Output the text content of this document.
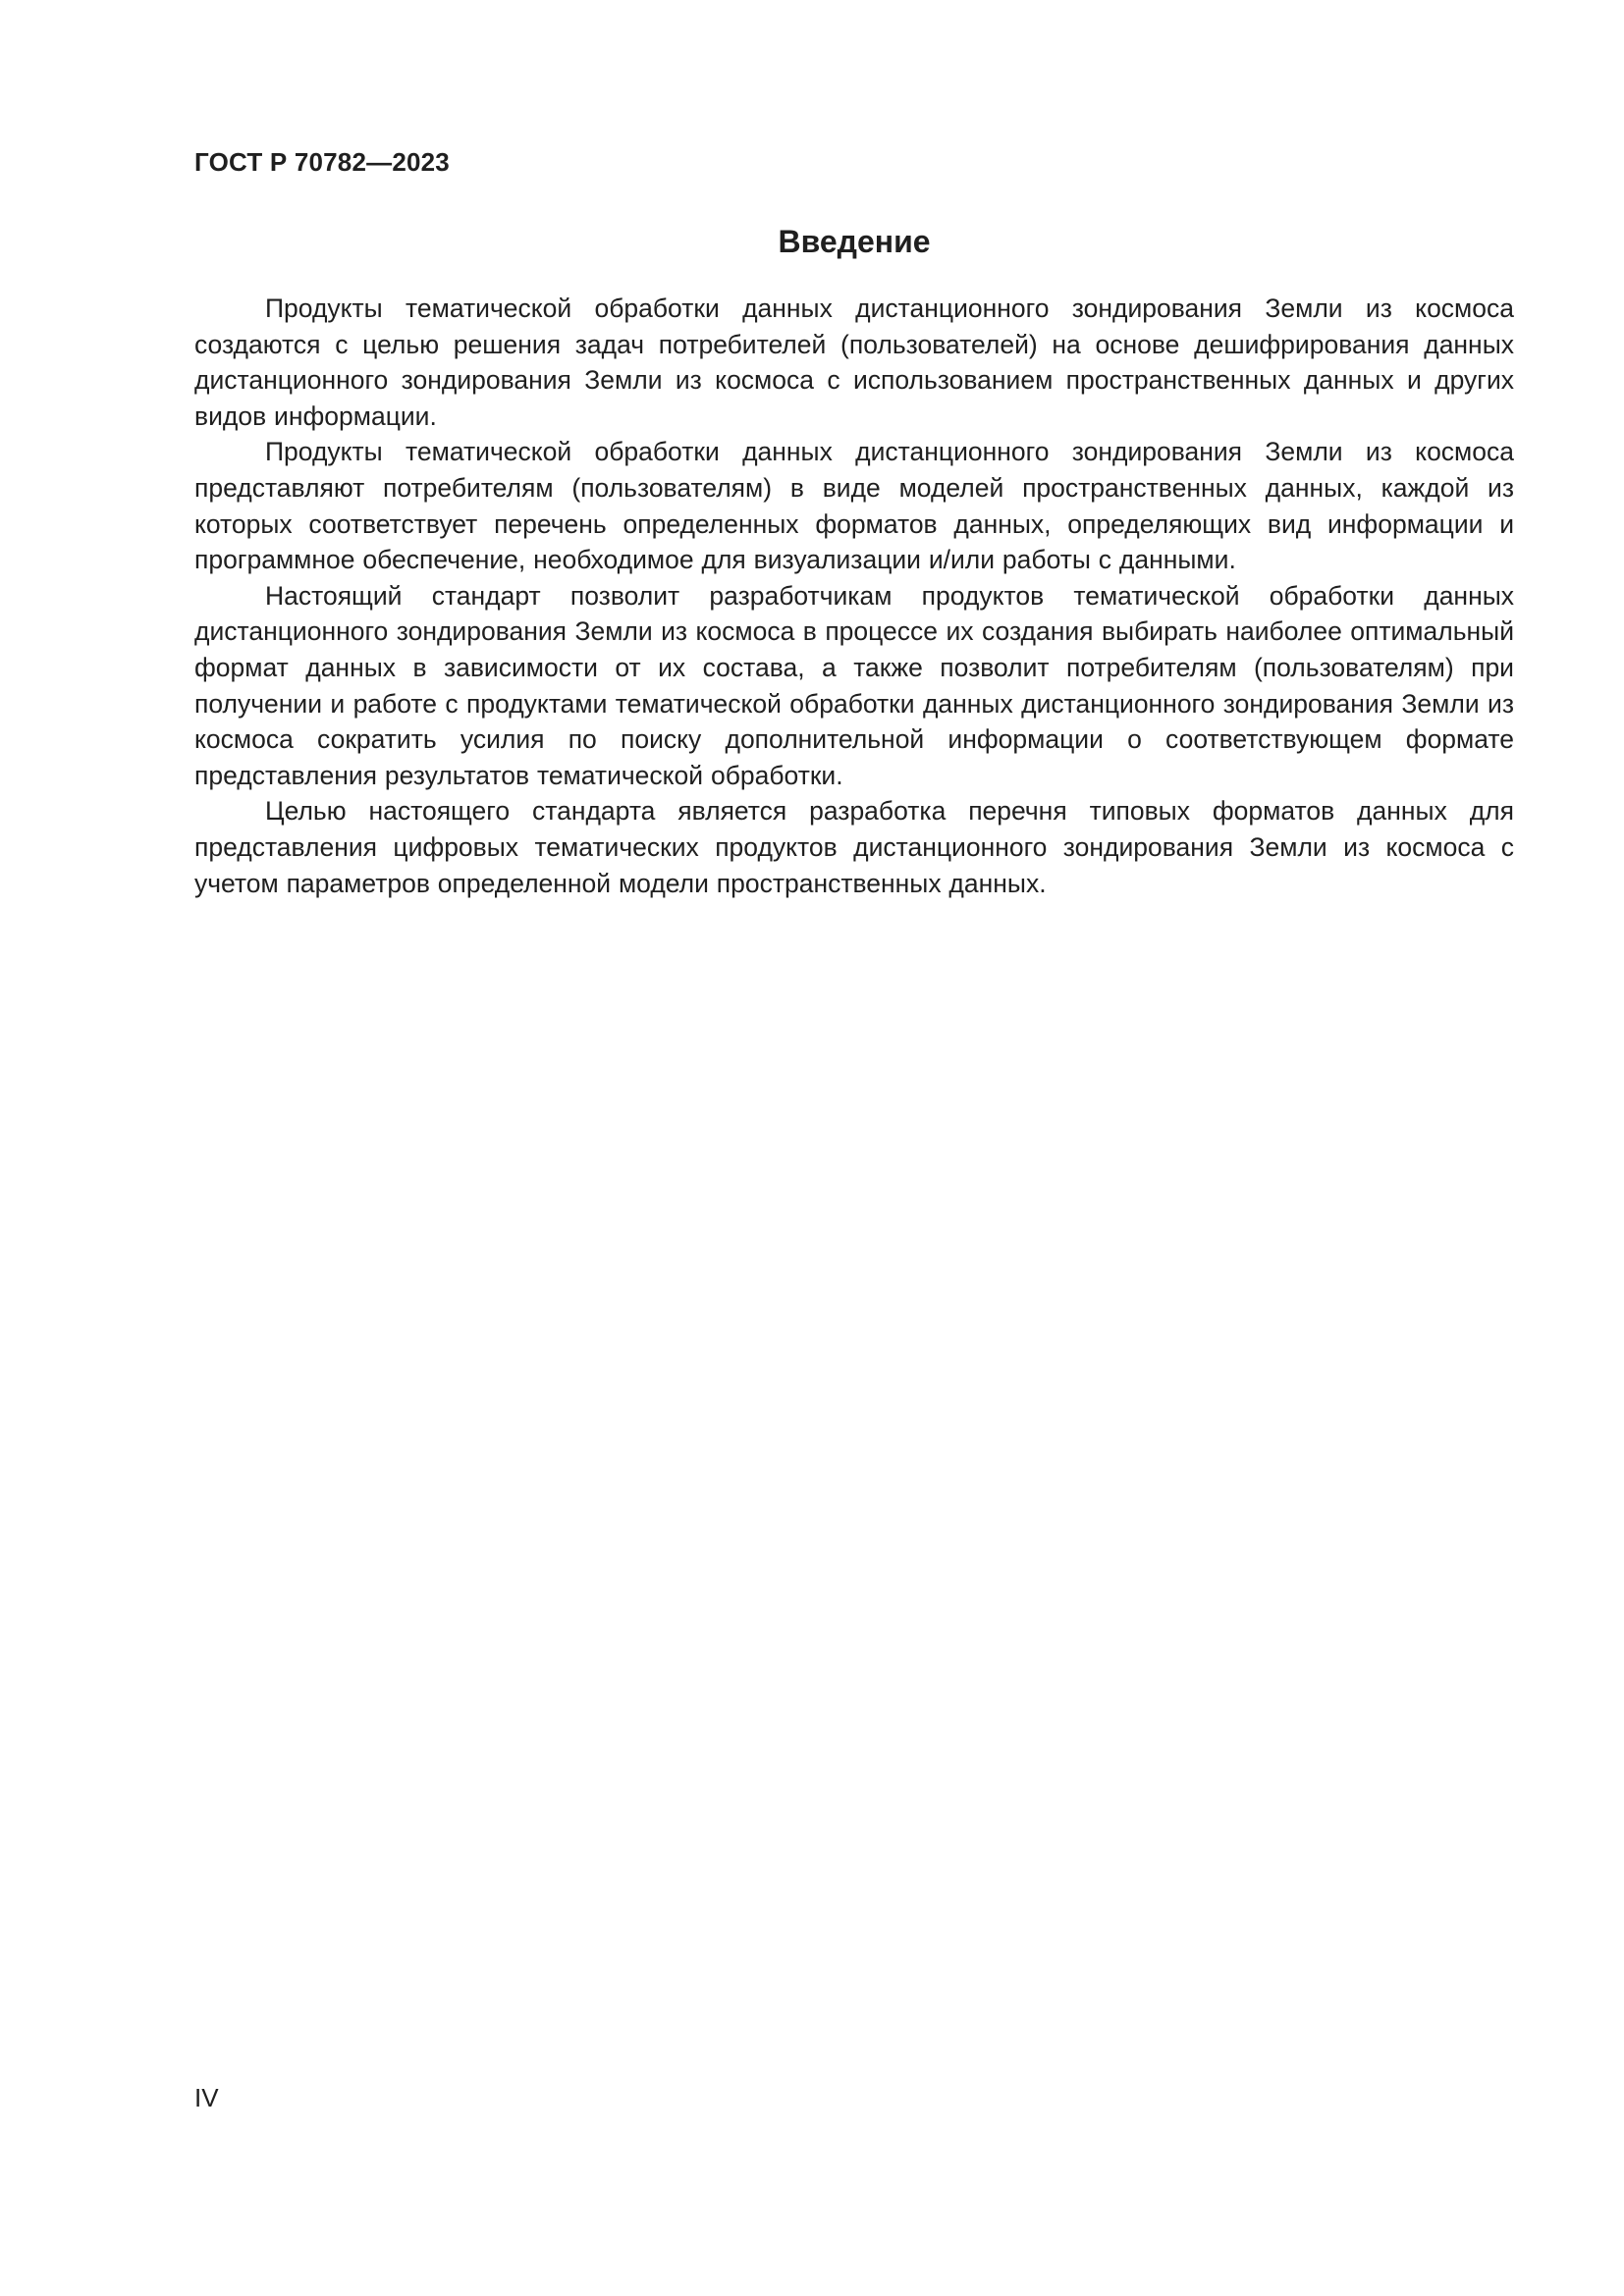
ГОСТ Р 70782—2023
Введение

Продукты тематической обработки данных дистанционного зондирования Земли из космоса создаются с целью решения задач потребителей (пользователей) на основе дешифрирования данных дистанционного зондирования Земли из космоса с использованием пространственных данных и других видов информации.

Продукты тематической обработки данных дистанционного зондирования Земли из космоса представляют потребителям (пользователям) в виде моделей пространственных данных, каждой из которых соответствует перечень определенных форматов данных, определяющих вид информации и программное обеспечение, необходимое для визуализации и/или работы с данными.

Настоящий стандарт позволит разработчикам продуктов тематической обработки данных дистанционного зондирования Земли из космоса в процессе их создания выбирать наиболее оптимальный формат данных в зависимости от их состава, а также позволит потребителям (пользователям) при получении и работе с продуктами тематической обработки данных дистанционного зондирования Земли из космоса сократить усилия по поиску дополнительной информации о соответствующем формате представления результатов тематической обработки.

Целью настоящего стандарта является разработка перечня типовых форматов данных для представления цифровых тематических продуктов дистанционного зондирования Земли из космоса с учетом параметров определенной модели пространственных данных.

IV
